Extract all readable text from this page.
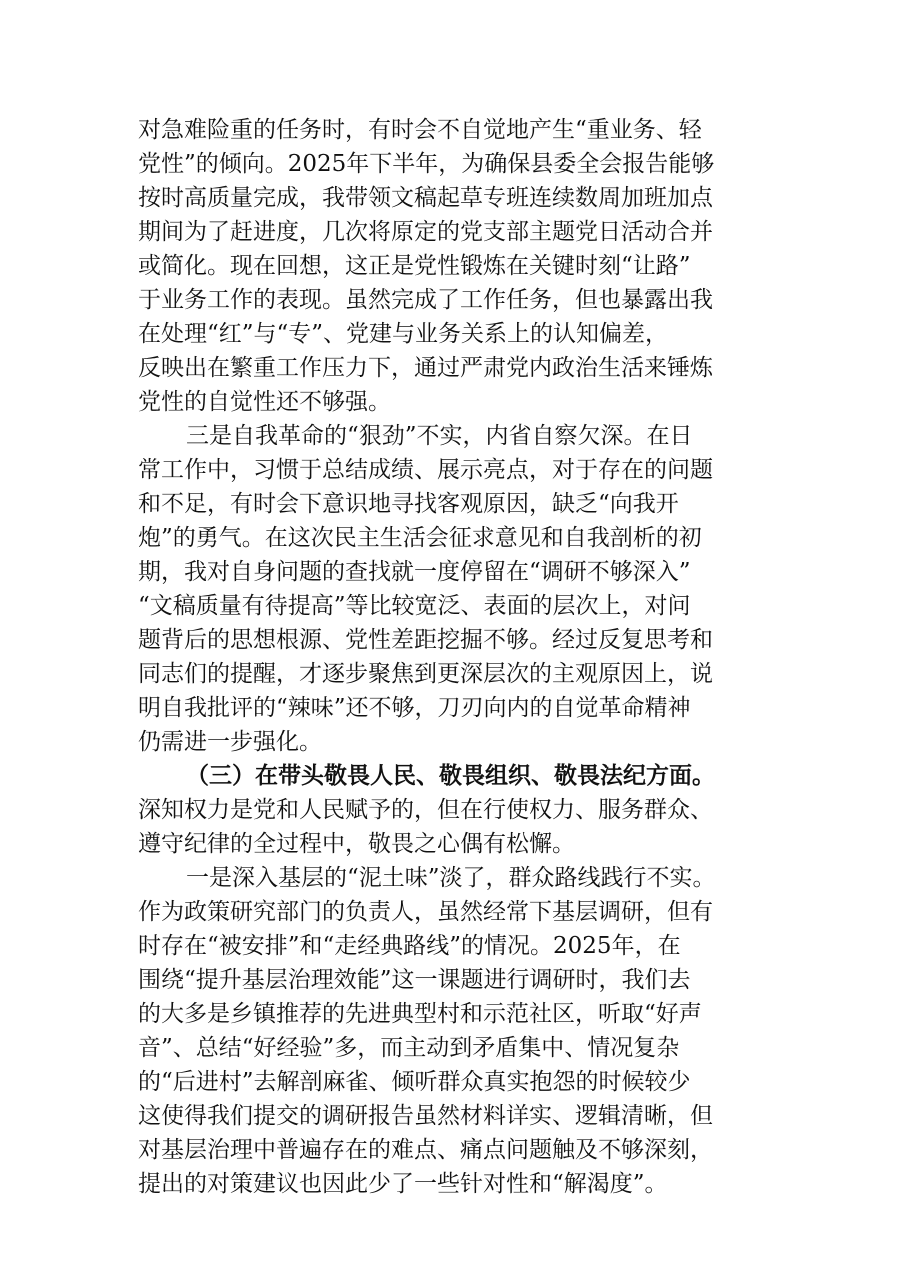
对急难险重的任务时，有时会不自觉地产生“重业务、轻
党性”的倾向。2025年下半年，为确保县委全会报告能够
按时高质量完成，我带领文稿起草专班连续数周加班加点
期间为了赶进度，几次将原定的党支部主题党日活动合并
或简化。现在回想，这正是党性锻炼在关键时刻“让路”
于业务工作的表现。虽然完成了工作任务，但也暴露出我
在处理“红”与“专”、党建与业务关系上的认知偏差，
反映出在繁重工作压力下，通过严肃党内政治生活来锤炼
党性的自觉性还不够强。
三是自我革命的“狠劲”不实，内省自察欠深。在日
常工作中，习惯于总结成绩、展示亮点，对于存在的问题
和不足，有时会下意识地寻找客观原因，缺乏“向我开
炮”的勇气。在这次民主生活会征求意见和自我剖析的初
期，我对自身问题的查找就一度停留在“调研不够深入”
“文稿质量有待提高”等比较宽泛、表面的层次上，对问
题背后的思想根源、党性差距挖掘不够。经过反复思考和
同志们的提醒，才逐步聚焦到更深层次的主观原因上，说
明自我批评的“辣味”还不够，刀刃向内的自觉革命精神
仍需进一步强化。
（三）在带头敬畏人民、敬畏组织、敬畏法纪方面。
深知权力是党和人民赋予的，但在行使权力、服务群众、
遵守纪律的全过程中，敬畏之心偶有松懈。
一是深入基层的“泥土味”淡了，群众路线践行不实。
作为政策研究部门的负责人，虽然经常下基层调研，但有
时存在“被安排”和“走经典路线”的情况。2025年，在
围绕“提升基层治理效能”这一课题进行调研时，我们去
的大多是乡镇推荐的先进典型村和示范社区，听取“好声
音”、总结“好经验”多，而主动到矛盾集中、情况复杂
的“后进村”去解剖麻雀、倾听群众真实抱怨的时候较少
这使得我们提交的调研报告虽然材料详实、逻辑清晰，但
对基层治理中普遍存在的难点、痛点问题触及不够深刻，
提出的对策建议也因此少了一些针对性和“解渴度”。
